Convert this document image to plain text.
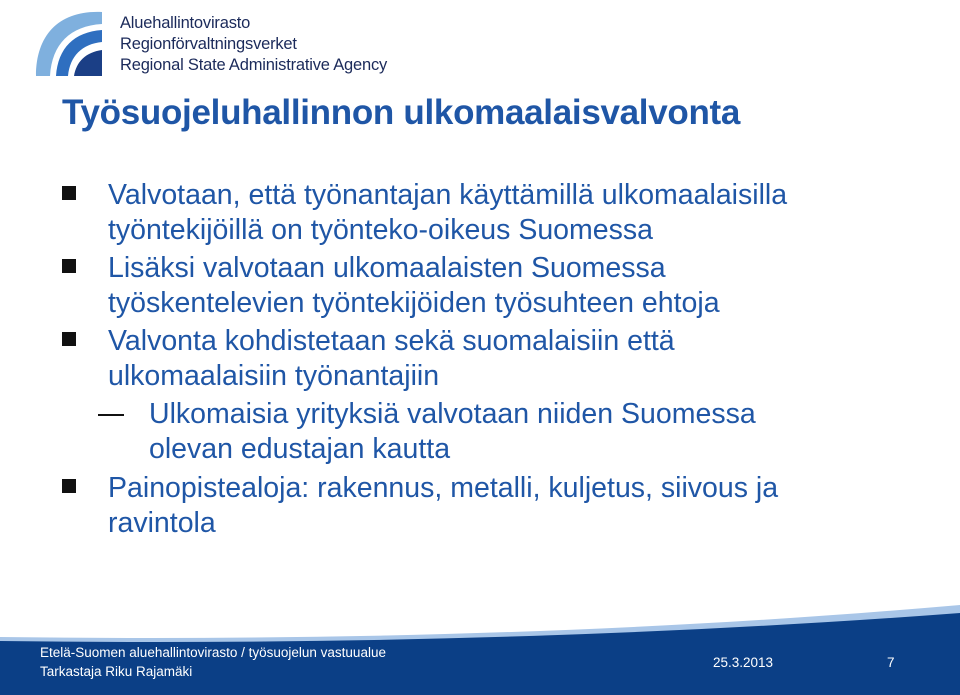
Aluehallintovirasto
Regionförvaltningsverket
Regional State Administrative Agency
Työsuojeluhallinnon ulkomaalaisvalvonta
Valvotaan, että työnantajan käyttämillä ulkomaalaisilla
työntekijöillä on työnteko-oikeus Suomessa
Lisäksi valvotaan ulkomaalaisten Suomessa
työskentelevien työntekijöiden työsuhteen ehtoja
Valvonta kohdistetaan sekä suomalaisiin että
ulkomaalaisiin työnantajiin
Ulkomaisia yrityksiä valvotaan niiden Suomessa
olevan edustajan kautta
Painopistealoja: rakennus, metalli, kuljetus, siivous ja
ravintola
Etelä-Suomen aluehallintovirasto / työsuojelun vastuualue
Tarkastaja Riku Rajamäki
25.3.2013	7
